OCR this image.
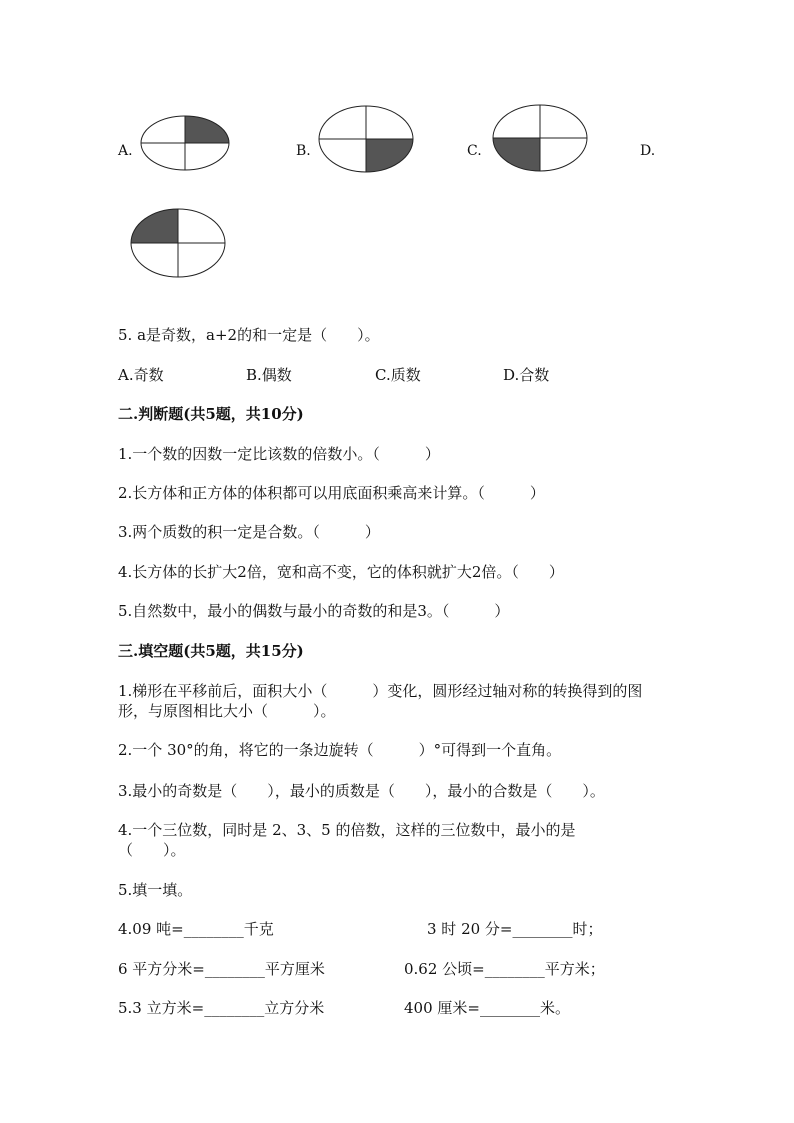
A.	B.	C.	D.
5. a是奇数，a+2的和一定是（　　）。
A.奇数	B.偶数	C.质数	D.合数
二.判断题(共5题，共10分)
1.一个数的因数一定比该数的倍数小。（　　　）
2.长方体和正方体的体积都可以用底面积乘高来计算。（　　　）
3.两个质数的积一定是合数。（　　　）
4.长方体的长扩大2倍，宽和高不变，它的体积就扩大2倍。（　　）
5.自然数中，最小的偶数与最小的奇数的和是3。（　　　）
三.填空题(共5题，共15分)
1.梯形在平移前后，面积大小（　　　）变化，圆形经过轴对称的转换得到的图
形，与原图相比大小（　　　）。
2.一个 30°的角，将它的一条边旋转（　　　）°可得到一个直角。
3.最小的奇数是（　　），最小的质数是（　　），最小的合数是（　　）。
4.一个三位数，同时是 2、3、5 的倍数，这样的三位数中，最小的是
（　　）。
5.填一填。
4.09 吨=________千克	3 时 20 分=________时；
6 平方分米=________平方厘米	0.62 公顷=________平方米；
5.3 立方米=________立方分米	400 厘米=________米。
